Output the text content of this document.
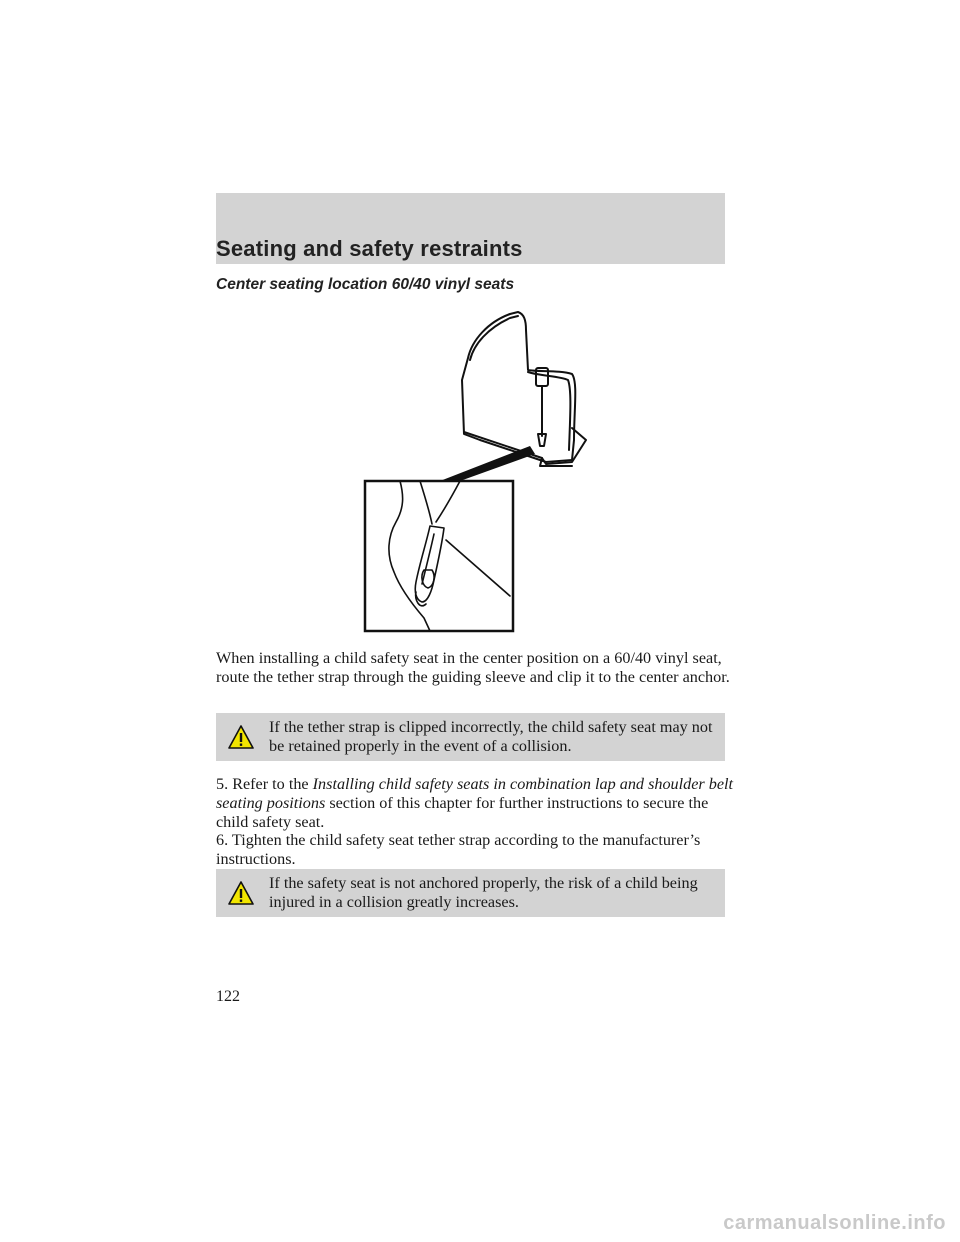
Seating and safety restraints
Center seating location 60/40 vinyl seats

When installing a child safety seat in the center position on a 60/40 vinyl seat, route the tether strap through the guiding sleeve and clip it to the center anchor.

If the tether strap is clipped incorrectly, the child safety seat may not be retained properly in the event of a collision.

5. Refer to the Installing child safety seats in combination lap and shoulder belt seating positions section of this chapter for further instructions to secure the child safety seat.

6. Tighten the child safety seat tether strap according to the manufacturer’s instructions.

If the safety seat is not anchored properly, the risk of a child being injured in a collision greatly increases.

122
carmanualsonline.info
